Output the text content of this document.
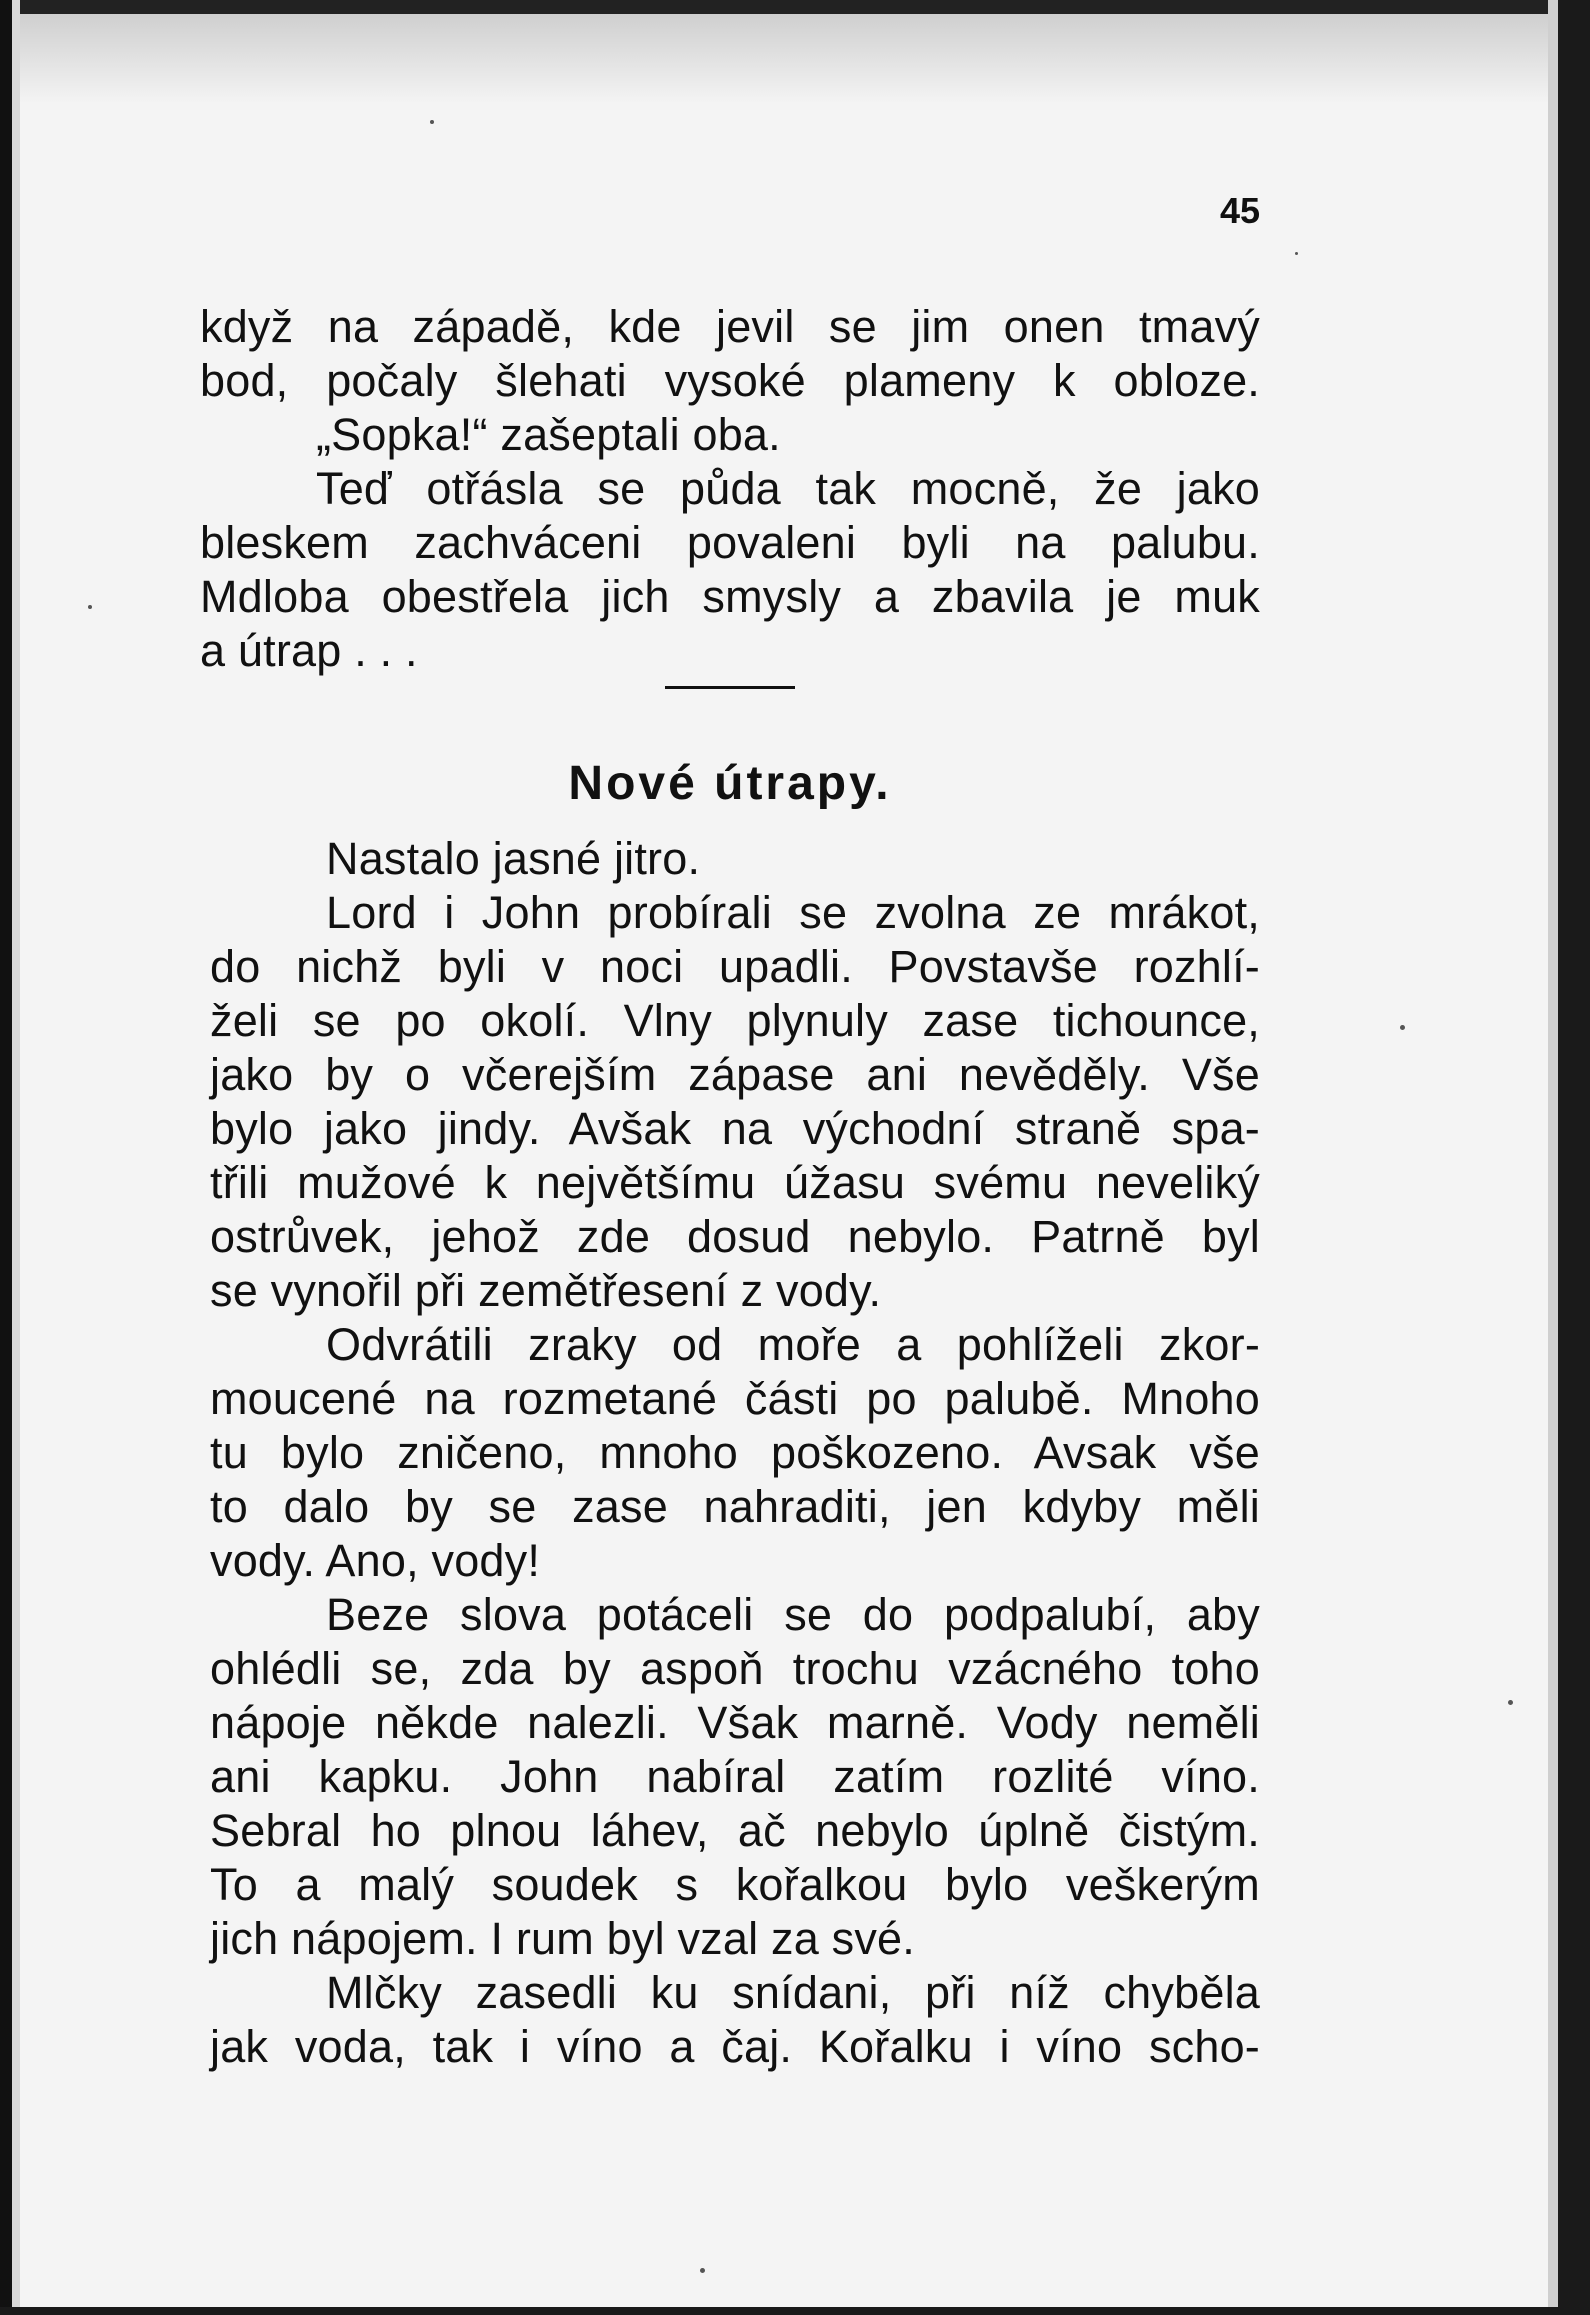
45
když na západě, kde jevil se jim onen tmavý
bod, počaly šlehati vysoké plameny k obloze.
„Sopka!“ zašeptali oba.
Teď otřásla se půda tak mocně, že jako
bleskem zachváceni povaleni byli na palubu.
Mdloba obestřela jich smysly a zbavila je muk
a útrap . . .
Nové útrapy.
Nastalo jasné jitro.
Lord i John probírali se zvolna ze mrákot,
do nichž byli v noci upadli. Povstavše rozhlí-
želi se po okolí. Vlny plynuly zase tichounce,
jako by o včerejším zápase ani nevěděly. Vše
bylo jako jindy. Avšak na východní straně spa-
třili mužové k největšímu úžasu svému neveliký
ostrůvek, jehož zde dosud nebylo. Patrně byl
se vynořil při zemětřesení z vody.
Odvrátili zraky od moře a pohlíželi zkor-
moucené na rozmetané části po palubě. Mnoho
tu bylo zničeno, mnoho poškozeno. Avsak vše
to dalo by se zase nahraditi, jen kdyby měli
vody. Ano, vody!
Beze slova potáceli se do podpalubí, aby
ohlédli se, zda by aspoň trochu vzácného toho
nápoje někde nalezli. Však marně. Vody neměli
ani kapku. John nabíral zatím rozlité víno.
Sebral ho plnou láhev, ač nebylo úplně čistým.
To a malý soudek s kořalkou bylo veškerým
jich nápojem. I rum byl vzal za své.
Mlčky zasedli ku snídani, při níž chyběla
jak voda, tak i víno a čaj. Kořalku i víno scho-
